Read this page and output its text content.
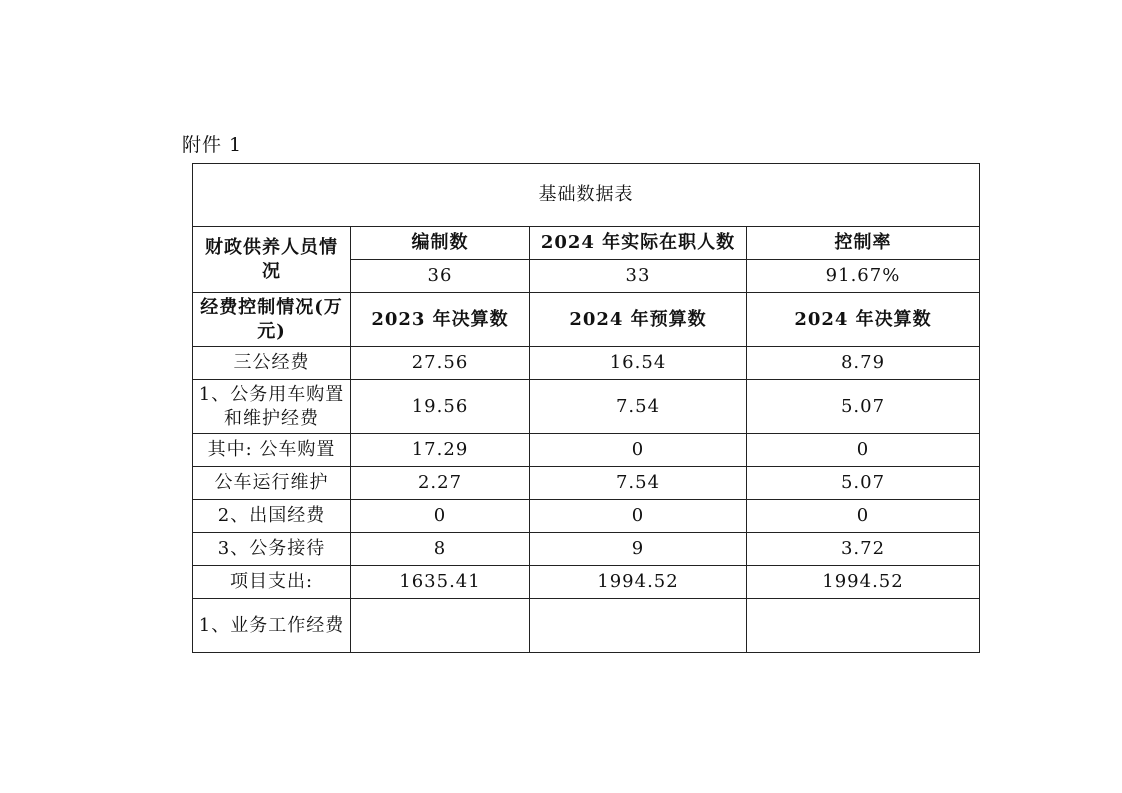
附件 1
基础数据表			
财政供养人员情况	编制数	2024 年实际在职人数	控制率
	36	33	91.67%
经费控制情况(万元)	2023 年决算数	2024 年预算数	2024 年决算数
三公经费	27.56	16.54	8.79
1、公务用车购置和维护经费	19.56	7.54	5.07
其中: 公车购置	17.29	0	0
公车运行维护	2.27	7.54	5.07
2、出国经费	0	0	0
3、公务接待	8	9	3.72
项目支出:	1635.41	1994.52	1994.52
1、业务工作经费			
